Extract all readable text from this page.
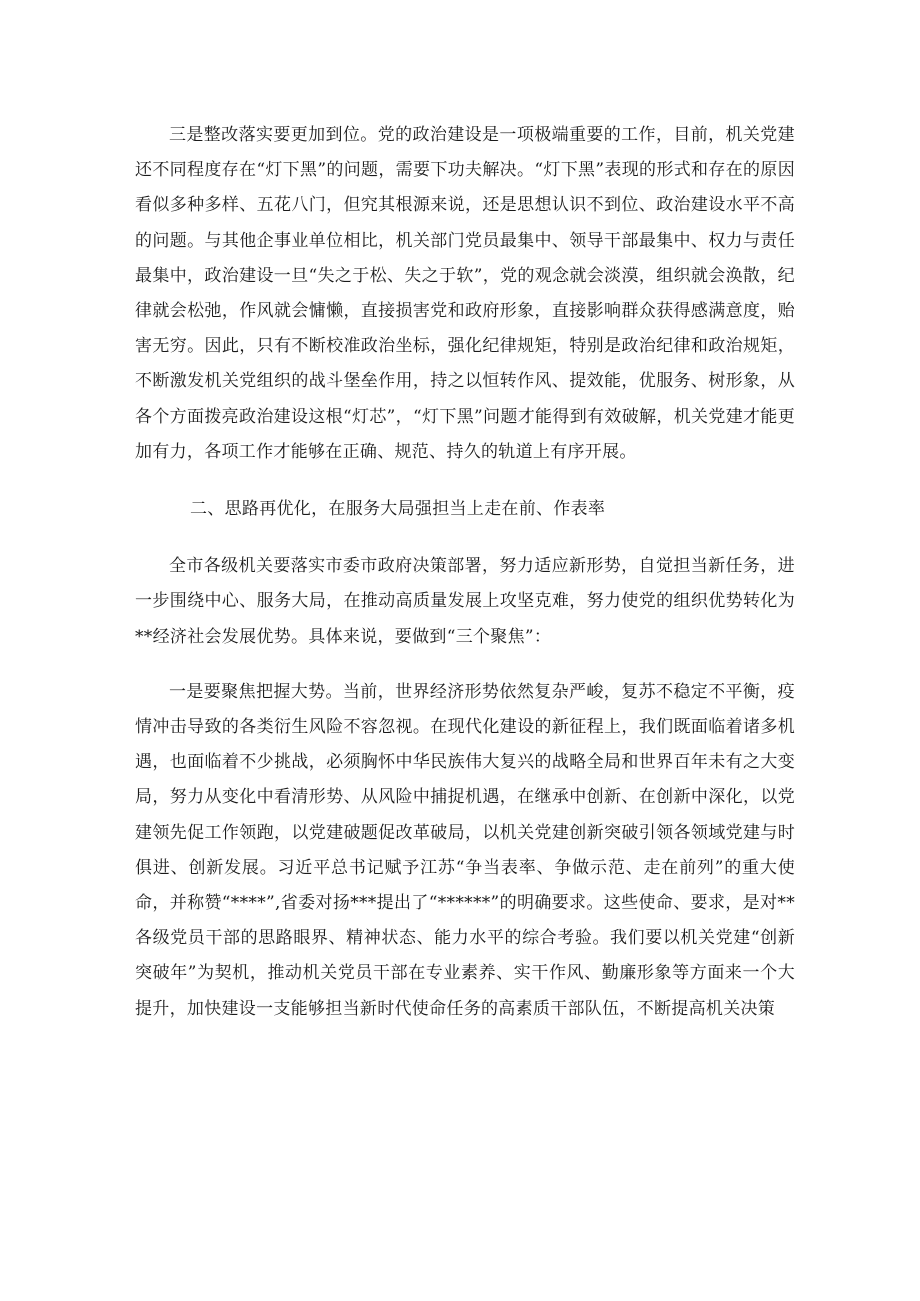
三是整改落实要更加到位。党的政治建设是一项极端重要的工作，目前，机关党建还不同程度存在“灯下黑”的问题，需要下功夫解决。“灯下黑”表现的形式和存在的原因看似多种多样、五花八门，但究其根源来说，还是思想认识不到位、政治建设水平不高的问题。与其他企事业单位相比，机关部门党员最集中、领导干部最集中、权力与责任最集中，政治建设一旦“失之于松、失之于软”，党的观念就会淡漠，组织就会涣散，纪律就会松弛，作风就会慵懒，直接损害党和政府形象，直接影响群众获得感满意度，贻害无穷。因此，只有不断校准政治坐标，强化纪律规矩，特别是政治纪律和政治规矩，不断激发机关党组织的战斗堡垒作用，持之以恒转作风、提效能，优服务、树形象，从各个方面拨亮政治建设这根“灯芯”，“灯下黑”问题才能得到有效破解，机关党建才能更加有力，各项工作才能够在正确、规范、持久的轨道上有序开展。

二、思路再优化，在服务大局强担当上走在前、作表率

全市各级机关要落实市委市政府决策部署，努力适应新形势，自觉担当新任务，进一步围绕中心、服务大局，在推动高质量发展上攻坚克难，努力使党的组织优势转化为**经济社会发展优势。具体来说，要做到“三个聚焦”：

一是要聚焦把握大势。当前，世界经济形势依然复杂严峻，复苏不稳定不平衡，疫情冲击导致的各类衍生风险不容忽视。在现代化建设的新征程上，我们既面临着诸多机遇，也面临着不少挑战，必须胸怀中华民族伟大复兴的战略全局和世界百年未有之大变局，努力从变化中看清形势、从风险中捕捉机遇，在继承中创新、在创新中深化，以党建领先促工作领跑，以党建破题促改革破局，以机关党建创新突破引领各领域党建与时俱进、创新发展。习近平总书记赋予江苏“争当表率、争做示范、走在前列”的重大使命，并称赞“****”,省委对扬***提出了“******”的明确要求。这些使命、要求，是对**各级党员干部的思路眼界、精神状态、能力水平的综合考验。我们要以机关党建“创新突破年”为契机，推动机关党员干部在专业素养、实干作风、勤廉形象等方面来一个大提升，加快建设一支能够担当新时代使命任务的高素质干部队伍，不断提高机关决策
